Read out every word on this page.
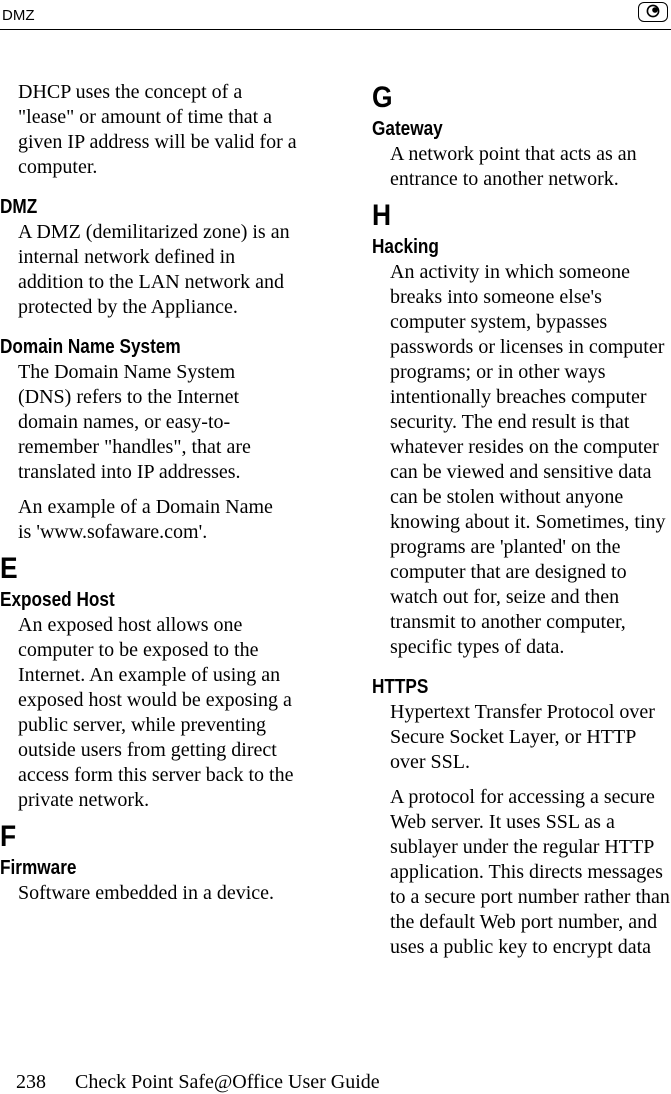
DMZ

DHCP uses the concept of a "lease" or amount of time that a given IP address will be valid for a computer.

DMZ

A DMZ (demilitarized zone) is an internal network defined in addition to the LAN network and protected by the Appliance.

Domain Name System

The Domain Name System (DNS) refers to the Internet domain names, or easy-to-remember "handles", that are translated into IP addresses.

An example of a Domain Name is 'www.sofaware.com'.

E

Exposed Host

An exposed host allows one computer to be exposed to the Internet. An example of using an exposed host would be exposing a public server, while preventing outside users from getting direct access form this server back to the private network.

F

Firmware

Software embedded in a device.

G

Gateway

A network point that acts as an entrance to another network.

H

Hacking

An activity in which someone breaks into someone else's computer system, bypasses passwords or licenses in computer programs; or in other ways intentionally breaches computer security. The end result is that whatever resides on the computer can be viewed and sensitive data can be stolen without anyone knowing about it. Sometimes, tiny programs are 'planted' on the computer that are designed to watch out for, seize and then transmit to another computer, specific types of data.

HTTPS

Hypertext Transfer Protocol over Secure Socket Layer, or HTTP over SSL.

A protocol for accessing a secure Web server. It uses SSL as a sublayer under the regular HTTP application. This directs messages to a secure port number rather than the default Web port number, and uses a public key to encrypt data

238 Check Point Safe@Office User Guide
